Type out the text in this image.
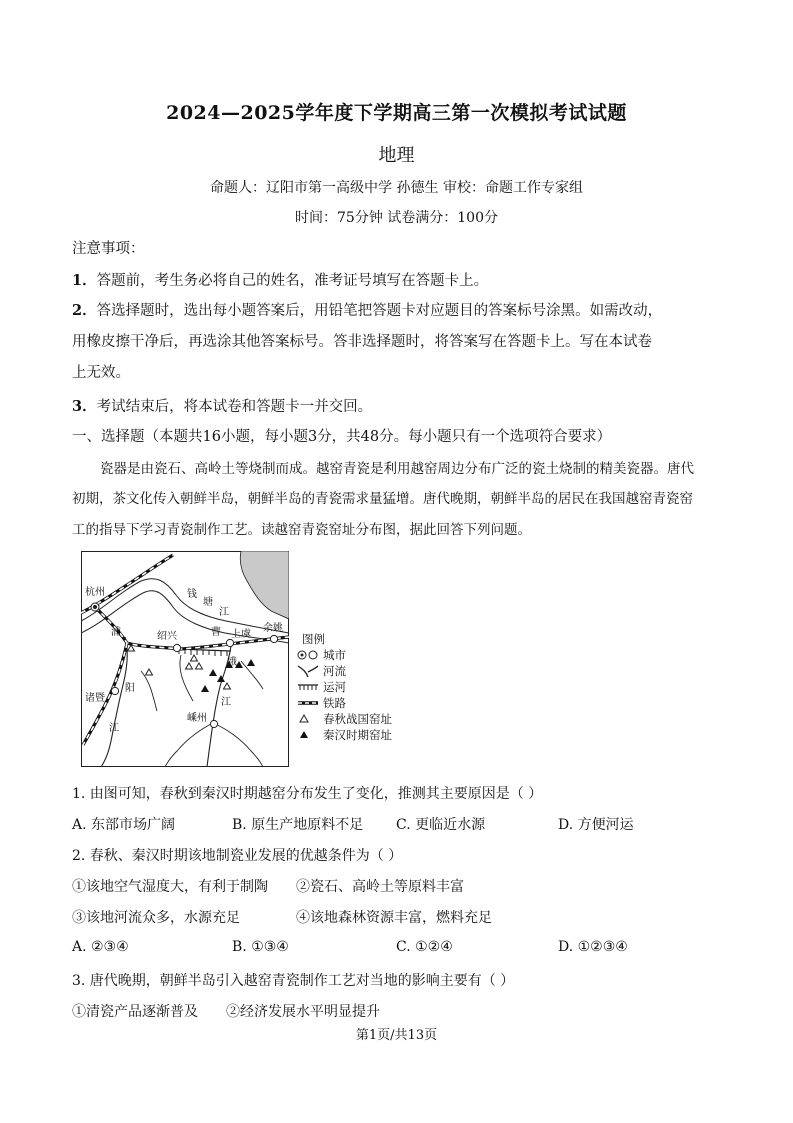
2024—2025学年度下学期高三第一次模拟考试试题
地理
命题人：辽阳市第一高级中学 孙德生 审校：命题工作专家组
时间：75分钟 试卷满分：100分
注意事项：
1．答题前，考生务必将自己的姓名，准考证号填写在答题卡上。
2．答选择题时，选出每小题答案后，用铅笔把答题卡对应题目的答案标号涂黑。如需改动，
用橡皮擦干净后，再选涂其他答案标号。答非选择题时，将答案写在答题卡上。写在本试卷
上无效。
3．考试结束后，将本试卷和答题卡一并交回。
一、选择题（本题共16小题，每小题3分，共48分。每小题只有一个选项符合要求）
瓷器是由瓷石、高岭土等烧制而成。越窑青瓷是利用越窑周边分布广泛的瓷土烧制的精美瓷器。唐代
初期，茶文化传入朝鲜半岛，朝鲜半岛的青瓷需求量猛增。唐代晚期，朝鲜半岛的居民在我国越窑青瓷窑
工的指导下学习青瓷制作工艺。读越窑青瓷窑址分布图，据此回答下列问题。
杭州	钱
塘
江
绍兴	曹 上虞
余姚
浦
阳
诸暨
江
娥
江
嵊州
图例
城市
河流
运河
铁路
春秋战国窑址
秦汉时期窑址
1. 由图可知，春秋到秦汉时期越窑分布发生了变化，推测其主要原因是（ ）
A. 东部市场广阔	B. 原生产地原料不足 C. 更临近水源	D. 方便河运
2. 春秋、秦汉时期该地制瓷业发展的优越条件为（ ）
①该地空气湿度大，有利于制陶 ②瓷石、高岭土等原料丰富
③该地河流众多，水源充足	④该地森林资源丰富，燃料充足
A. ②③④	B. ①③④	C. ①②④	D. ①②③④
3. 唐代晚期，朝鲜半岛引入越窑青瓷制作工艺对当地的影响主要有（ ）
①清瓷产品逐渐普及 ②经济发展水平明显提升
第1页/共13页
